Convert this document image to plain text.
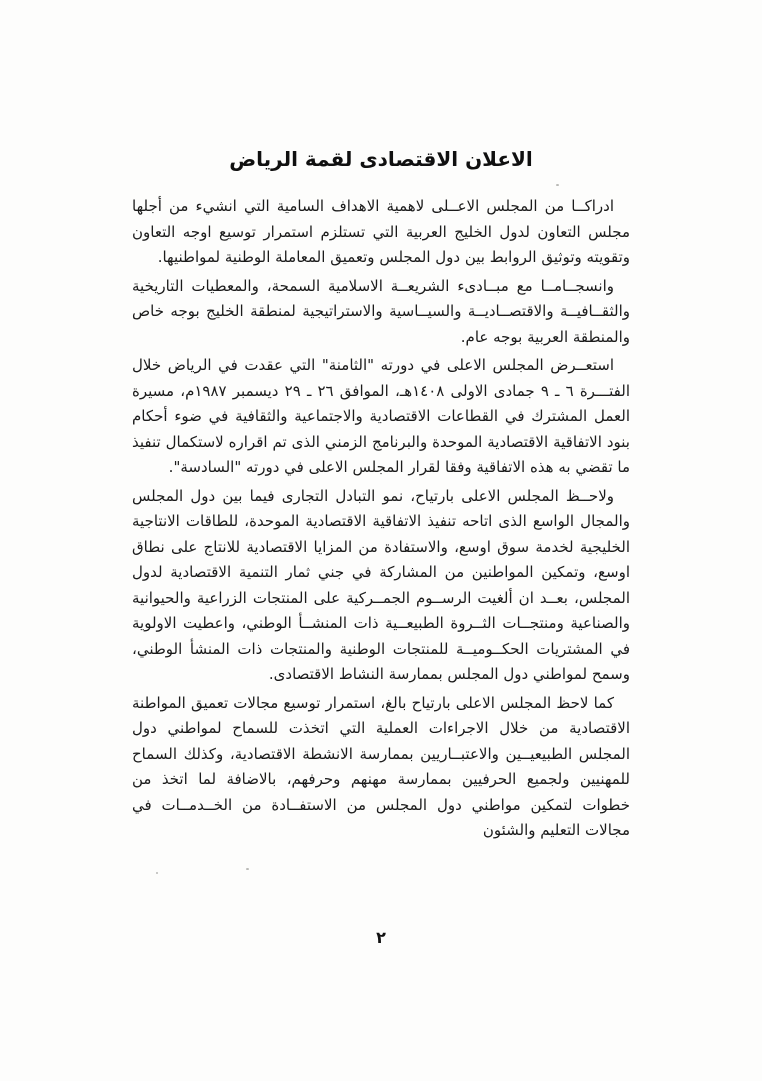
الاعلان الاقتصادى لقمة الرياض

ادراكــا من المجلس الاعــلى لاهمية الاهداف السامية التي انشيء من أجلها مجلس التعاون لدول الخليج العربية التي تستلزم استمرار توسيع اوجه التعاون وتقويته وتوثيق الروابط بين دول المجلس وتعميق المعاملة الوطنية لمواطنيها.

وانسجــامــا مع مبــادىء الشريعــة الاسلامية السمحة، والمعطيات التاريخية والثقــافيــة والاقتصــاديــة والسيــاسية والاستراتيجية لمنطقة الخليج بوجه خاص والمنطقة العربية بوجه عام.

استعــرض المجلس الاعلى في دورته "الثامنة" التي عقدت في الرياض خلال الفتـــرة ٦ ـ ٩ جمادى الاولى ١٤٠٨هـ، الموافق ٢٦ ـ ٢٩ ديسمبر ١٩٨٧م، مسيرة العمل المشترك في القطاعات الاقتصادية والاجتماعية والثقافية في ضوء أحكام بنود الاتفاقية الاقتصادية الموحدة والبرنامج الزمني الذى تم اقراره لاستكمال تنفيذ ما تقضي به هذه الاتفاقية وفقا لقرار المجلس الاعلى في دورته "السادسة".

ولاحــظ المجلس الاعلى بارتياح، نمو التبادل التجارى فيما بين دول المجلس والمجال الواسع الذى اتاحه تنفيذ الاتفاقية الاقتصادية الموحدة، للطاقات الانتاجية الخليجية لخدمة سوق اوسع، والاستفادة من المزايا الاقتصادية للانتاج على نطاق اوسع، وتمكين المواطنين من المشاركة في جني ثمار التنمية الاقتصادية لدول المجلس، بعــد ان ألغيت الرســوم الجمــركية على المنتجات الزراعية والحيوانية والصناعية ومنتجــات الثــروة الطبيعــية ذات المنشــأ الوطني، واعطيت الاولوية في المشتريات الحكــوميــة للمنتجات الوطنية والمنتجات ذات المنشأ الوطني، وسمح لمواطني دول المجلس بممارسة النشاط الاقتصادى.

كما لاحظ المجلس الاعلى بارتياح بالغ، استمرار توسيع مجالات تعميق المواطنة الاقتصادية من خلال الاجراءات العملية التي اتخذت للسماح لمواطني دول المجلس الطبيعيــين والاعتبــاريين بممارسة الانشطة الاقتصادية، وكذلك السماح للمهنيين ولجميع الحرفيين بممارسة مهنهم وحرفهم، بالاضافة لما اتخذ من خطوات لتمكين مواطني دول المجلس من الاستفــادة من الخــدمــات في مجالات التعليم والشئون

٢
